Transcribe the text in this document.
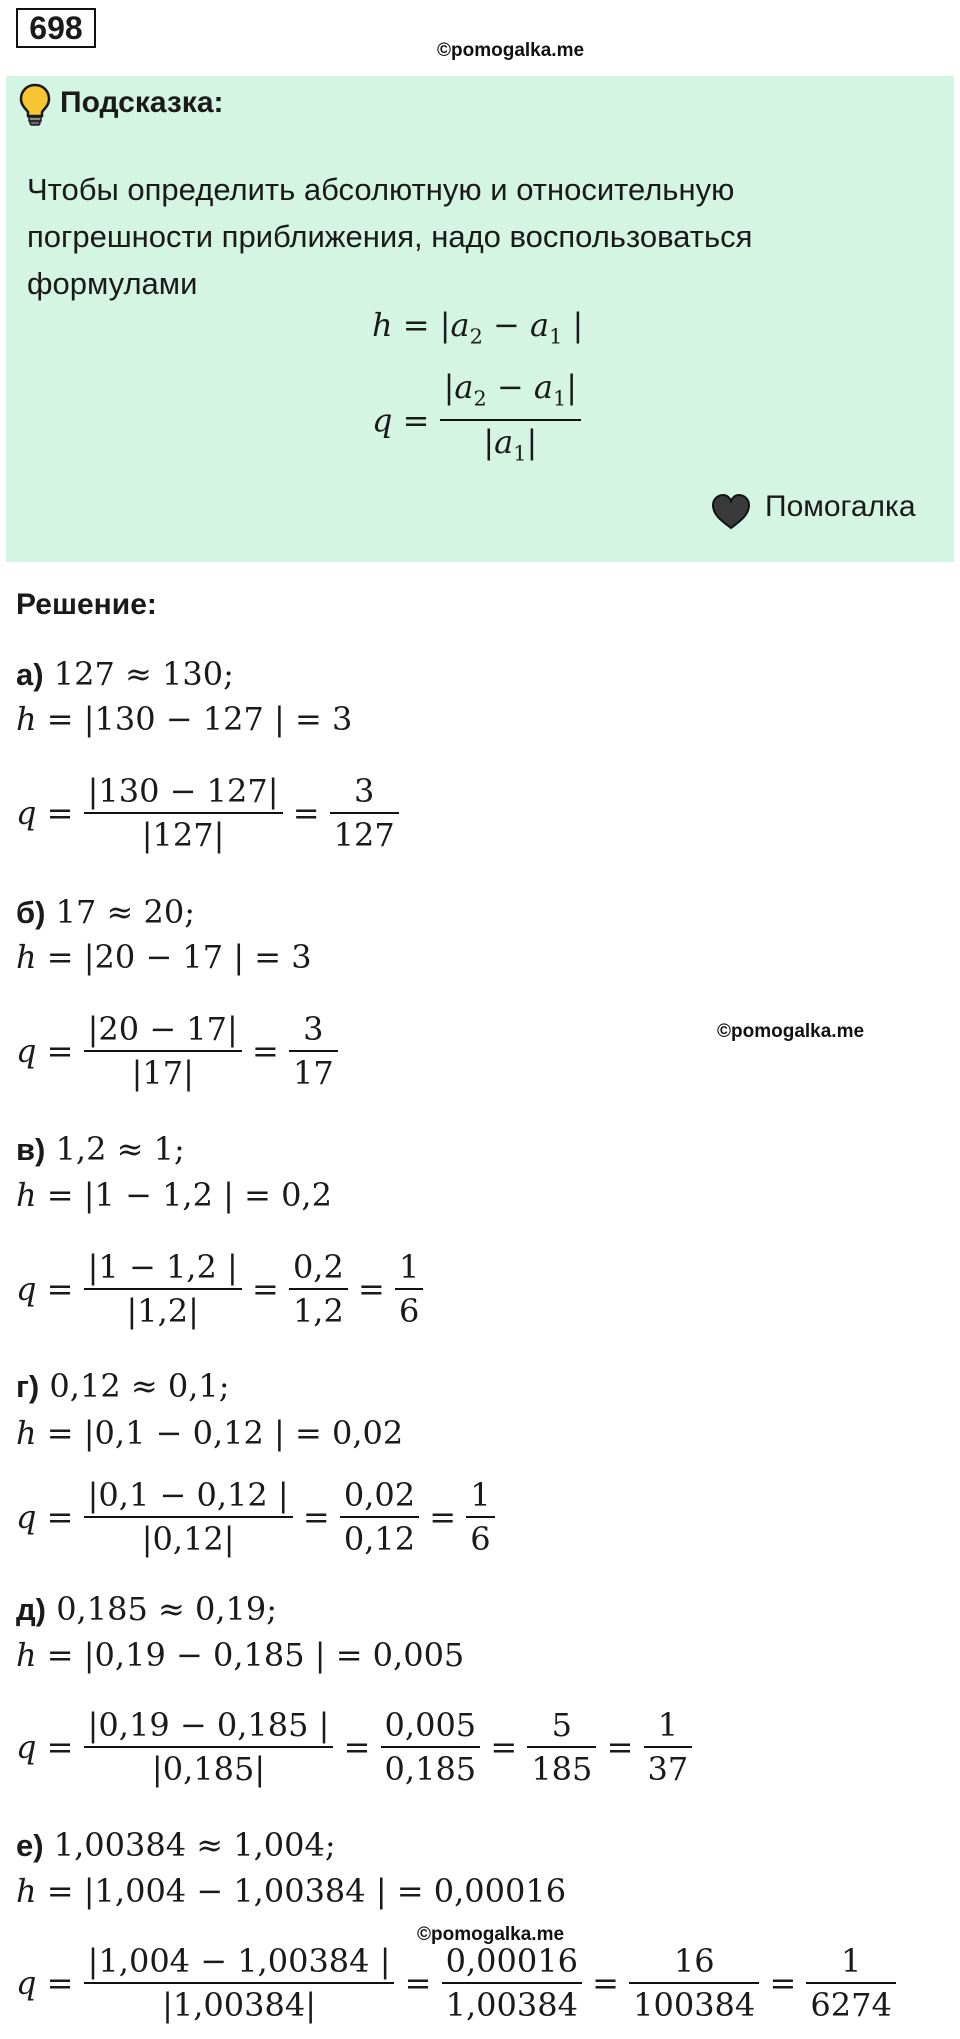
698
©pomogalka.me
Подсказка:
Чтобы определить абсолютную и относительную погрешности приближения, надо воспользоваться формулами
$h = |a_2 - a_1$ |
$q = \frac{|a_2 - a_1|}{|a_1|}$
Помогалка
Решение:
а) 127 ≈ 130;
h = |130 − 127 | = 3
$q = \frac{|130 - 127|}{|127|} = \frac{3}{127}$
б) 17 ≈ 20;
h = |20 − 17 | = 3
$q = \frac{|20 - 17|}{|17|} = \frac{3}{17}$
в) 1,2 ≈ 1;
h = |1 − 1,2 | = 0,2
$q = \frac{|1 - 1,2 |}{|1,2|} = \frac{0,2}{1,2} = \frac{1}{6}$
г) 0,12 ≈ 0,1;
h = |0,1 − 0,12 | = 0,02
$q = \frac{|0,1 - 0,12 |}{|0,12|} = \frac{0,02}{0,12} = \frac{1}{6}$
д) 0,185 ≈ 0,19;
h = |0,19 − 0,185 | = 0,005
$q = \frac{|0,19 - 0,185 |}{|0,185|} = \frac{0,005}{0,185} = \frac{5}{185} = \frac{1}{37}$
е) 1,00384 ≈ 1,004;
h = |1,004 − 1,00384 | = 0,00016
$q = \frac{|1,004 - 1,00384 |}{|1,00384|} = \frac{0,00016}{1,00384} = \frac{16}{100384} = \frac{1}{6274}$
©pomogalka.me
©pomogalka.me
